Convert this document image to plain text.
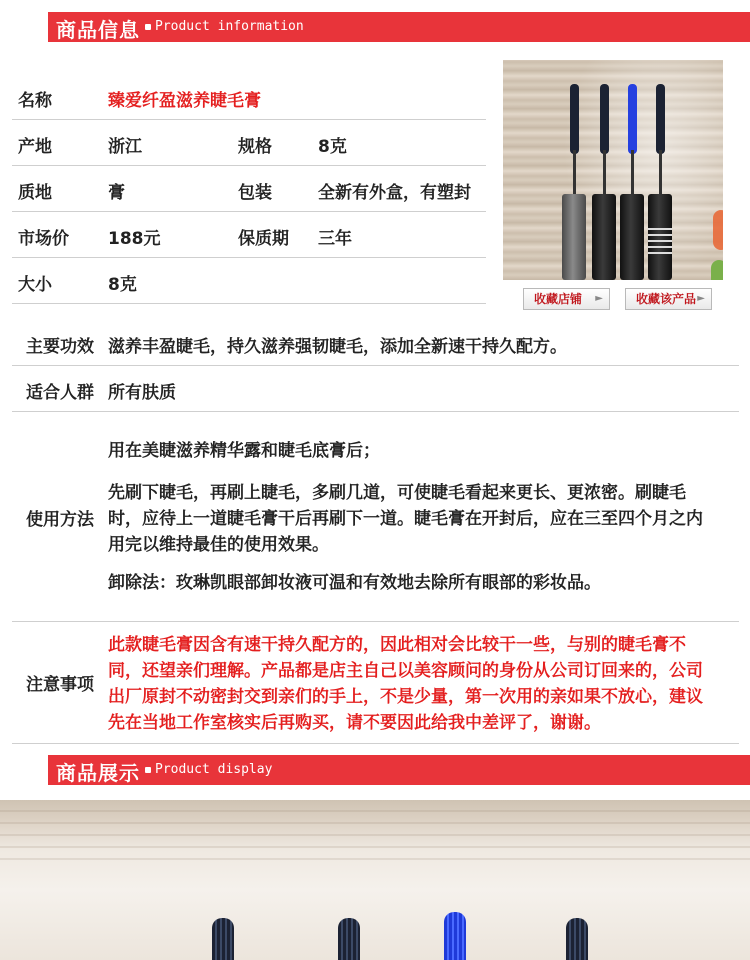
商品信息 Product information
名称	臻爱纤盈滋养睫毛膏
产地	浙江	规格	8克
质地	膏	包装	全新有外盒，有塑封
市场价 188元	保质期 三年
大小	8克
收藏店铺 ►	收藏该产品 ►
主要功效 滋养丰盈睫毛，持久滋养强韧睫毛，添加全新速干持久配方。
适合人群 所有肤质
使用方法
用在美睫滋养精华露和睫毛底膏后；
先刷下睫毛，再刷上睫毛，多刷几道，可使睫毛看起来更长、更浓密。刷睫毛
时，应待上一道睫毛膏干后再刷下一道。睫毛膏在开封后，应在三至四个月之内
用完以维持最佳的使用效果。
卸除法：玫琳凯眼部卸妆液可温和有效地去除所有眼部的彩妆品。
注意事项
此款睫毛膏因含有速干持久配方的，因此相对会比较干一些，与别的睫毛膏不
同，还望亲们理解。产品都是店主自己以美容顾问的身份从公司订回来的，公司
出厂原封不动密封交到亲们的手上，不是少量，第一次用的亲如果不放心，建议
先在当地工作室核实后再购买，请不要因此给我中差评了，谢谢。
商品展示 Product display
